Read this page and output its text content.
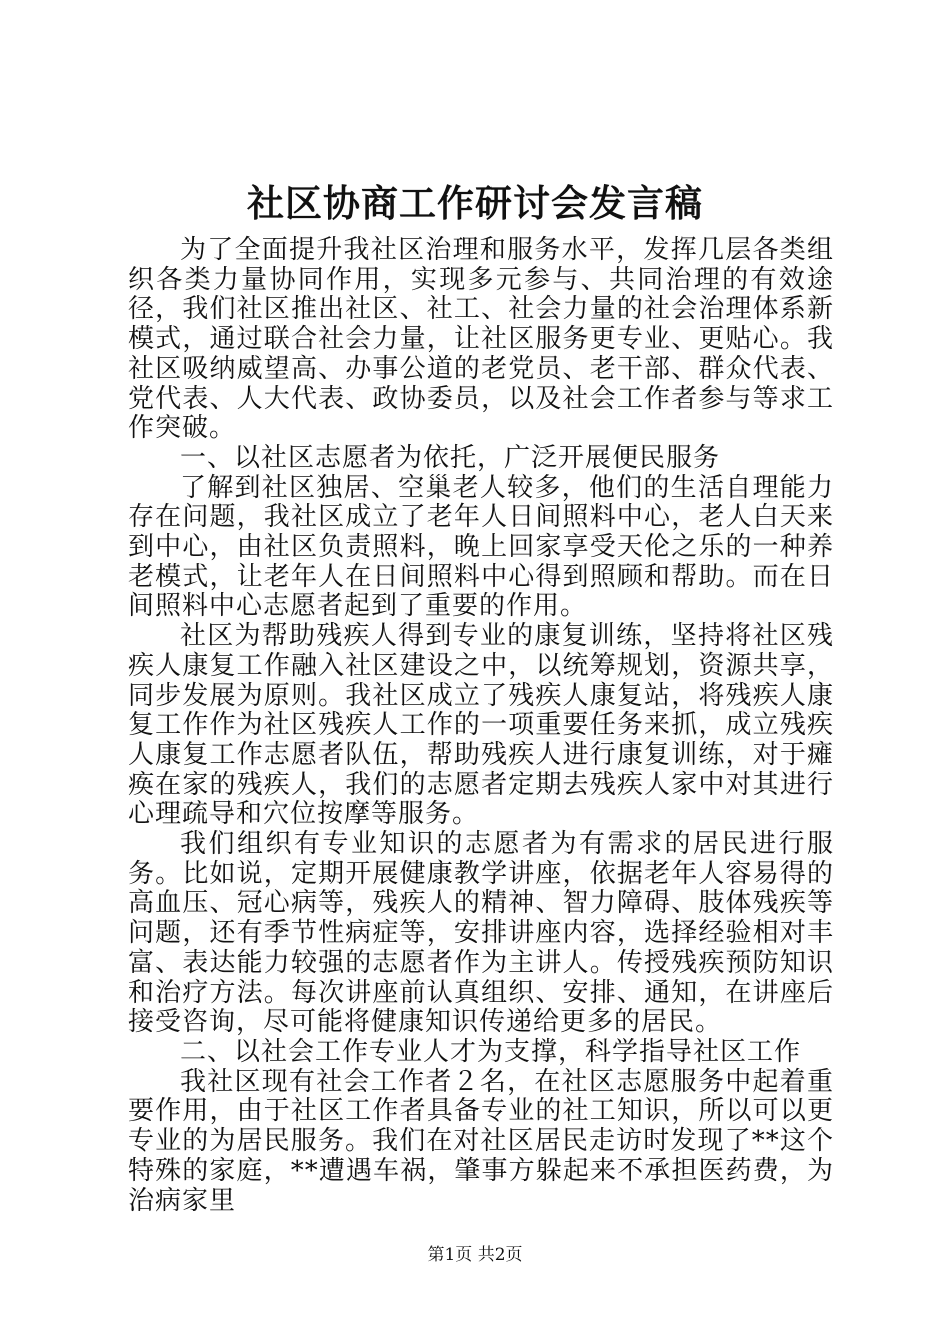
社区协商工作研讨会发言稿

为了全面提升我社区治理和服务水平，发挥几层各类组织各类力量协同作用，实现多元参与、共同治理的有效途径，我们社区推出社区、社工、社会力量的社会治理体系新模式，通过联合社会力量，让社区服务更专业、更贴心。我社区吸纳威望高、办事公道的老党员、老干部、群众代表、党代表、人大代表、政协委员，以及社会工作者参与等求工作突破。

一、以社区志愿者为依托，广泛开展便民服务

了解到社区独居、空巢老人较多，他们的生活自理能力存在问题，我社区成立了老年人日间照料中心，老人白天来到中心，由社区负责照料，晚上回家享受天伦之乐的一种养老模式，让老年人在日间照料中心得到照顾和帮助。而在日间照料中心志愿者起到了重要的作用。

社区为帮助残疾人得到专业的康复训练，坚持将社区残疾人康复工作融入社区建设之中，以统筹规划，资源共享，同步发展为原则。我社区成立了残疾人康复站，将残疾人康复工作作为社区残疾人工作的一项重要任务来抓，成立残疾人康复工作志愿者队伍，帮助残疾人进行康复训练，对于瘫痪在家的残疾人，我们的志愿者定期去残疾人家中对其进行心理疏导和穴位按摩等服务。

我们组织有专业知识的志愿者为有需求的居民进行服务。比如说，定期开展健康教学讲座，依据老年人容易得的高血压、冠心病等，残疾人的精神、智力障碍、肢体残疾等问题，还有季节性病症等，安排讲座内容，选择经验相对丰富、表达能力较强的志愿者作为主讲人。传授残疾预防知识和治疗方法。每次讲座前认真组织、安排、通知，在讲座后接受咨询，尽可能将健康知识传递给更多的居民。

二、以社会工作专业人才为支撑，科学指导社区工作

我社区现有社会工作者２名，在社区志愿服务中起着重要作用，由于社区工作者具备专业的社工知识，所以可以更专业的为居民服务。我们在对社区居民走访时发现了**这个特殊的家庭，**遭遇车祸，肇事方躲起来不承担医药费，为治病家里

第1页 共2页
